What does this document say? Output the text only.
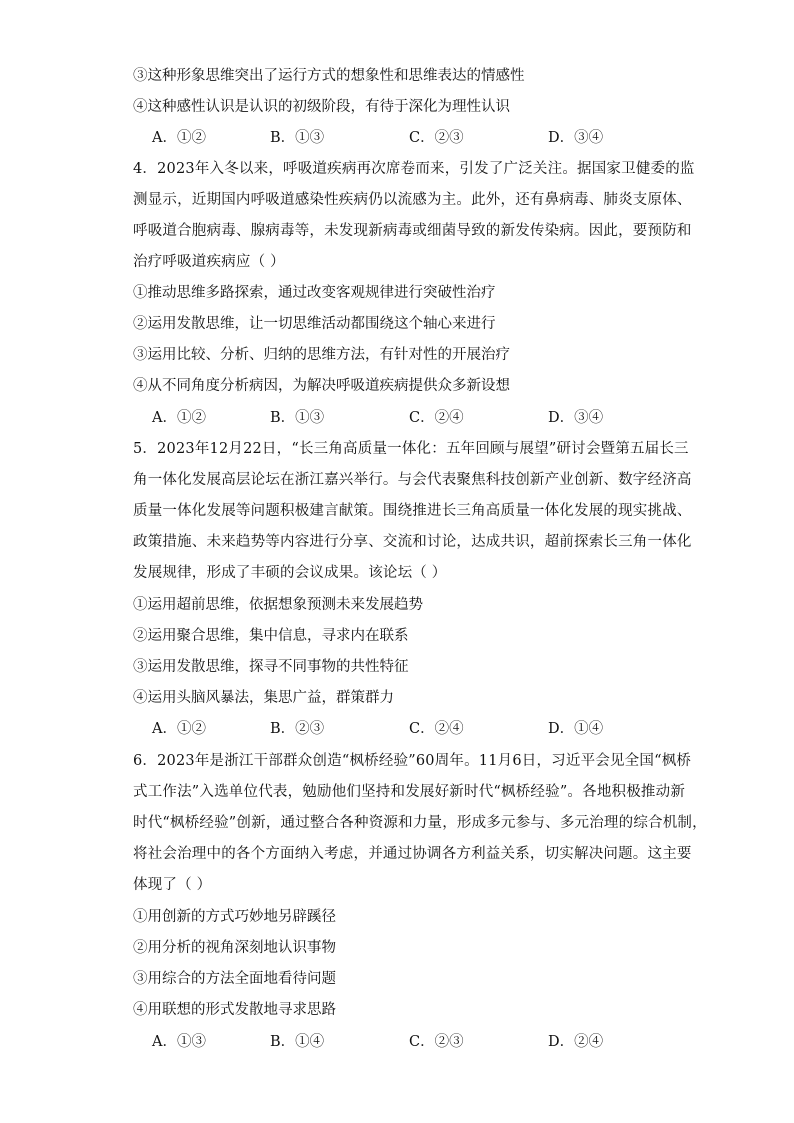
③这种形象思维突出了运行方式的想象性和思维表达的情感性
④这种感性认识是认识的初级阶段，有待于深化为理性认识
A．①②	B．①③	C．②③	D．③④
4．2023年入冬以来，呼吸道疾病再次席卷而来，引发了广泛关注。据国家卫健委的监
测显示，近期国内呼吸道感染性疾病仍以流感为主。此外，还有鼻病毒、肺炎支原体、
呼吸道合胞病毒、腺病毒等，未发现新病毒或细菌导致的新发传染病。因此，要预防和
治疗呼吸道疾病应（ ）
①推动思维多路探索，通过改变客观规律进行突破性治疗
②运用发散思维，让一切思维活动都围绕这个轴心来进行
③运用比较、分析、归纳的思维方法，有针对性的开展治疗
④从不同角度分析病因，为解决呼吸道疾病提供众多新设想
A．①②	B．①③	C．②④	D．③④
5．2023年12月22日，“长三角高质量一体化：五年回顾与展望”研讨会暨第五届长三
角一体化发展高层论坛在浙江嘉兴举行。与会代表聚焦科技创新产业创新、数字经济高
质量一体化发展等问题积极建言献策。围绕推进长三角高质量一体化发展的现实挑战、
政策措施、未来趋势等内容进行分享、交流和讨论，达成共识，超前探索长三角一体化
发展规律，形成了丰硕的会议成果。该论坛（ ）
①运用超前思维，依据想象预测未来发展趋势
②运用聚合思维，集中信息，寻求内在联系
③运用发散思维，探寻不同事物的共性特征
④运用头脑风暴法，集思广益，群策群力
A．①②	B．②③	C．②④	D．①④
6．2023年是浙江干部群众创造“枫桥经验”60周年。11月6日，习近平会见全国“枫桥
式工作法”入选单位代表，勉励他们坚持和发展好新时代“枫桥经验”。各地积极推动新
时代“枫桥经验”创新，通过整合各种资源和力量，形成多元参与、多元治理的综合机制，
将社会治理中的各个方面纳入考虑，并通过协调各方利益关系，切实解决问题。这主要
体现了（ ）
①用创新的方式巧妙地另辟蹊径
②用分析的视角深刻地认识事物
③用综合的方法全面地看待问题
④用联想的形式发散地寻求思路
A．①③	B．①④	C．②③	D．②④
